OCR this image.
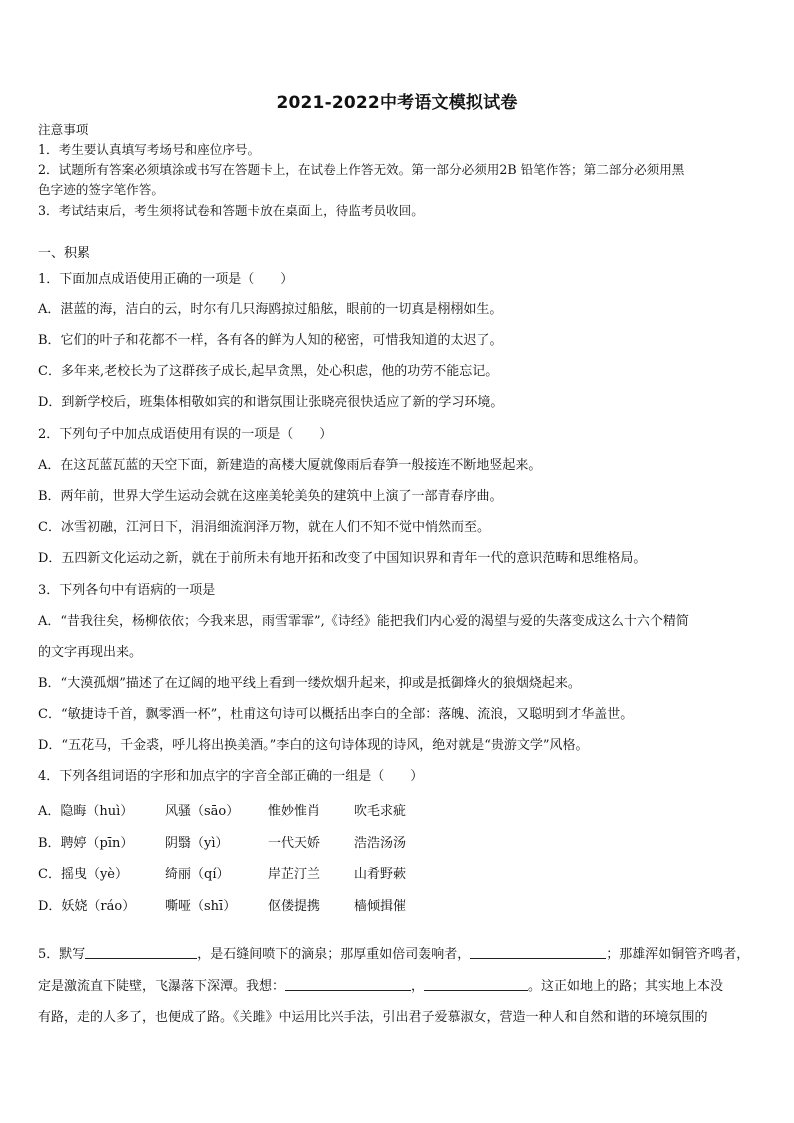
2021-2022中考语文模拟试卷
注意事项
1．考生要认真填写考场号和座位序号。
2．试题所有答案必须填涂或书写在答题卡上，在试卷上作答无效。第一部分必须用2B 铅笔作答；第二部分必须用黑
色字迹的签字笔作答。
3．考试结束后，考生须将试卷和答题卡放在桌面上，待监考员收回。
一、积累
1．下面加点成语使用正确的一项是（　　）
A．湛蓝的海，洁白的云，时尔有几只海鸥掠过船舷，眼前的一切真是栩栩如生。
B．它们的叶子和花都不一样，各有各的鲜为人知的秘密，可惜我知道的太迟了。
C．多年来,老校长为了这群孩子成长,起早贪黑，处心积虑，他的功劳不能忘记。
D．到新学校后，班集体相敬如宾的和谐氛围让张晓亮很快适应了新的学习环境。
2．下列句子中加点成语使用有误的一项是（　　）
A．在这瓦蓝瓦蓝的天空下面，新建造的高楼大厦就像雨后春笋一般接连不断地竖起来。
B．两年前，世界大学生运动会就在这座美轮美奂的建筑中上演了一部青春序曲。
C．冰雪初融，江河日下，涓涓细流润泽万物，就在人们不知不觉中悄然而至。
D．五四新文化运动之新，就在于前所未有地开拓和改变了中国知识界和青年一代的意识范畴和思维格局。
3．下列各句中有语病的一项是
A．“昔我往矣，杨柳依依；今我来思，雨雪霏霏”,《诗经》能把我们内心爱的渴望与爱的失落变成这么十六个精简
的文字再现出来。
B．“大漠孤烟”描述了在辽阔的地平线上看到一缕炊烟升起来，抑或是抵御烽火的狼烟烧起来。
C．“敏捷诗千首，飘零酒一杯”，杜甫这句诗可以概括出李白的全部：落魄、流浪，又聪明到才华盖世。
D．“五花马，千金裘，呼儿将出换美酒。”李白的这句诗体现的诗风，绝对就是“贵游文学”风格。
4．下列各组词语的字形和加点字的字音全部正确的一组是（　　）
A．隐晦（huì） 风骚（sāo） 惟妙惟肖	吹毛求疵
B．聘婷（pīn） 阴翳（yì）	一代天娇	浩浩汤汤
C．摇曳（yè）	绮丽（qí）	岸芷汀兰	山肴野蔌
D．妖娆（ráo） 嘶哑（shī） 伛偻提携	樯倾揖催
5．默写	，是石缝间喷下的滴泉；那厚重如倍司轰响者，	；那雄浑如铜管齐鸣者，
定是激流直下陡壁，飞瀑落下深潭。我想：	，	。这正如地上的路；其实地上本没
有路，走的人多了，也便成了路。《关雎》中运用比兴手法，引出君子爱慕淑女，营造一种人和自然和谐的环境氛围的
